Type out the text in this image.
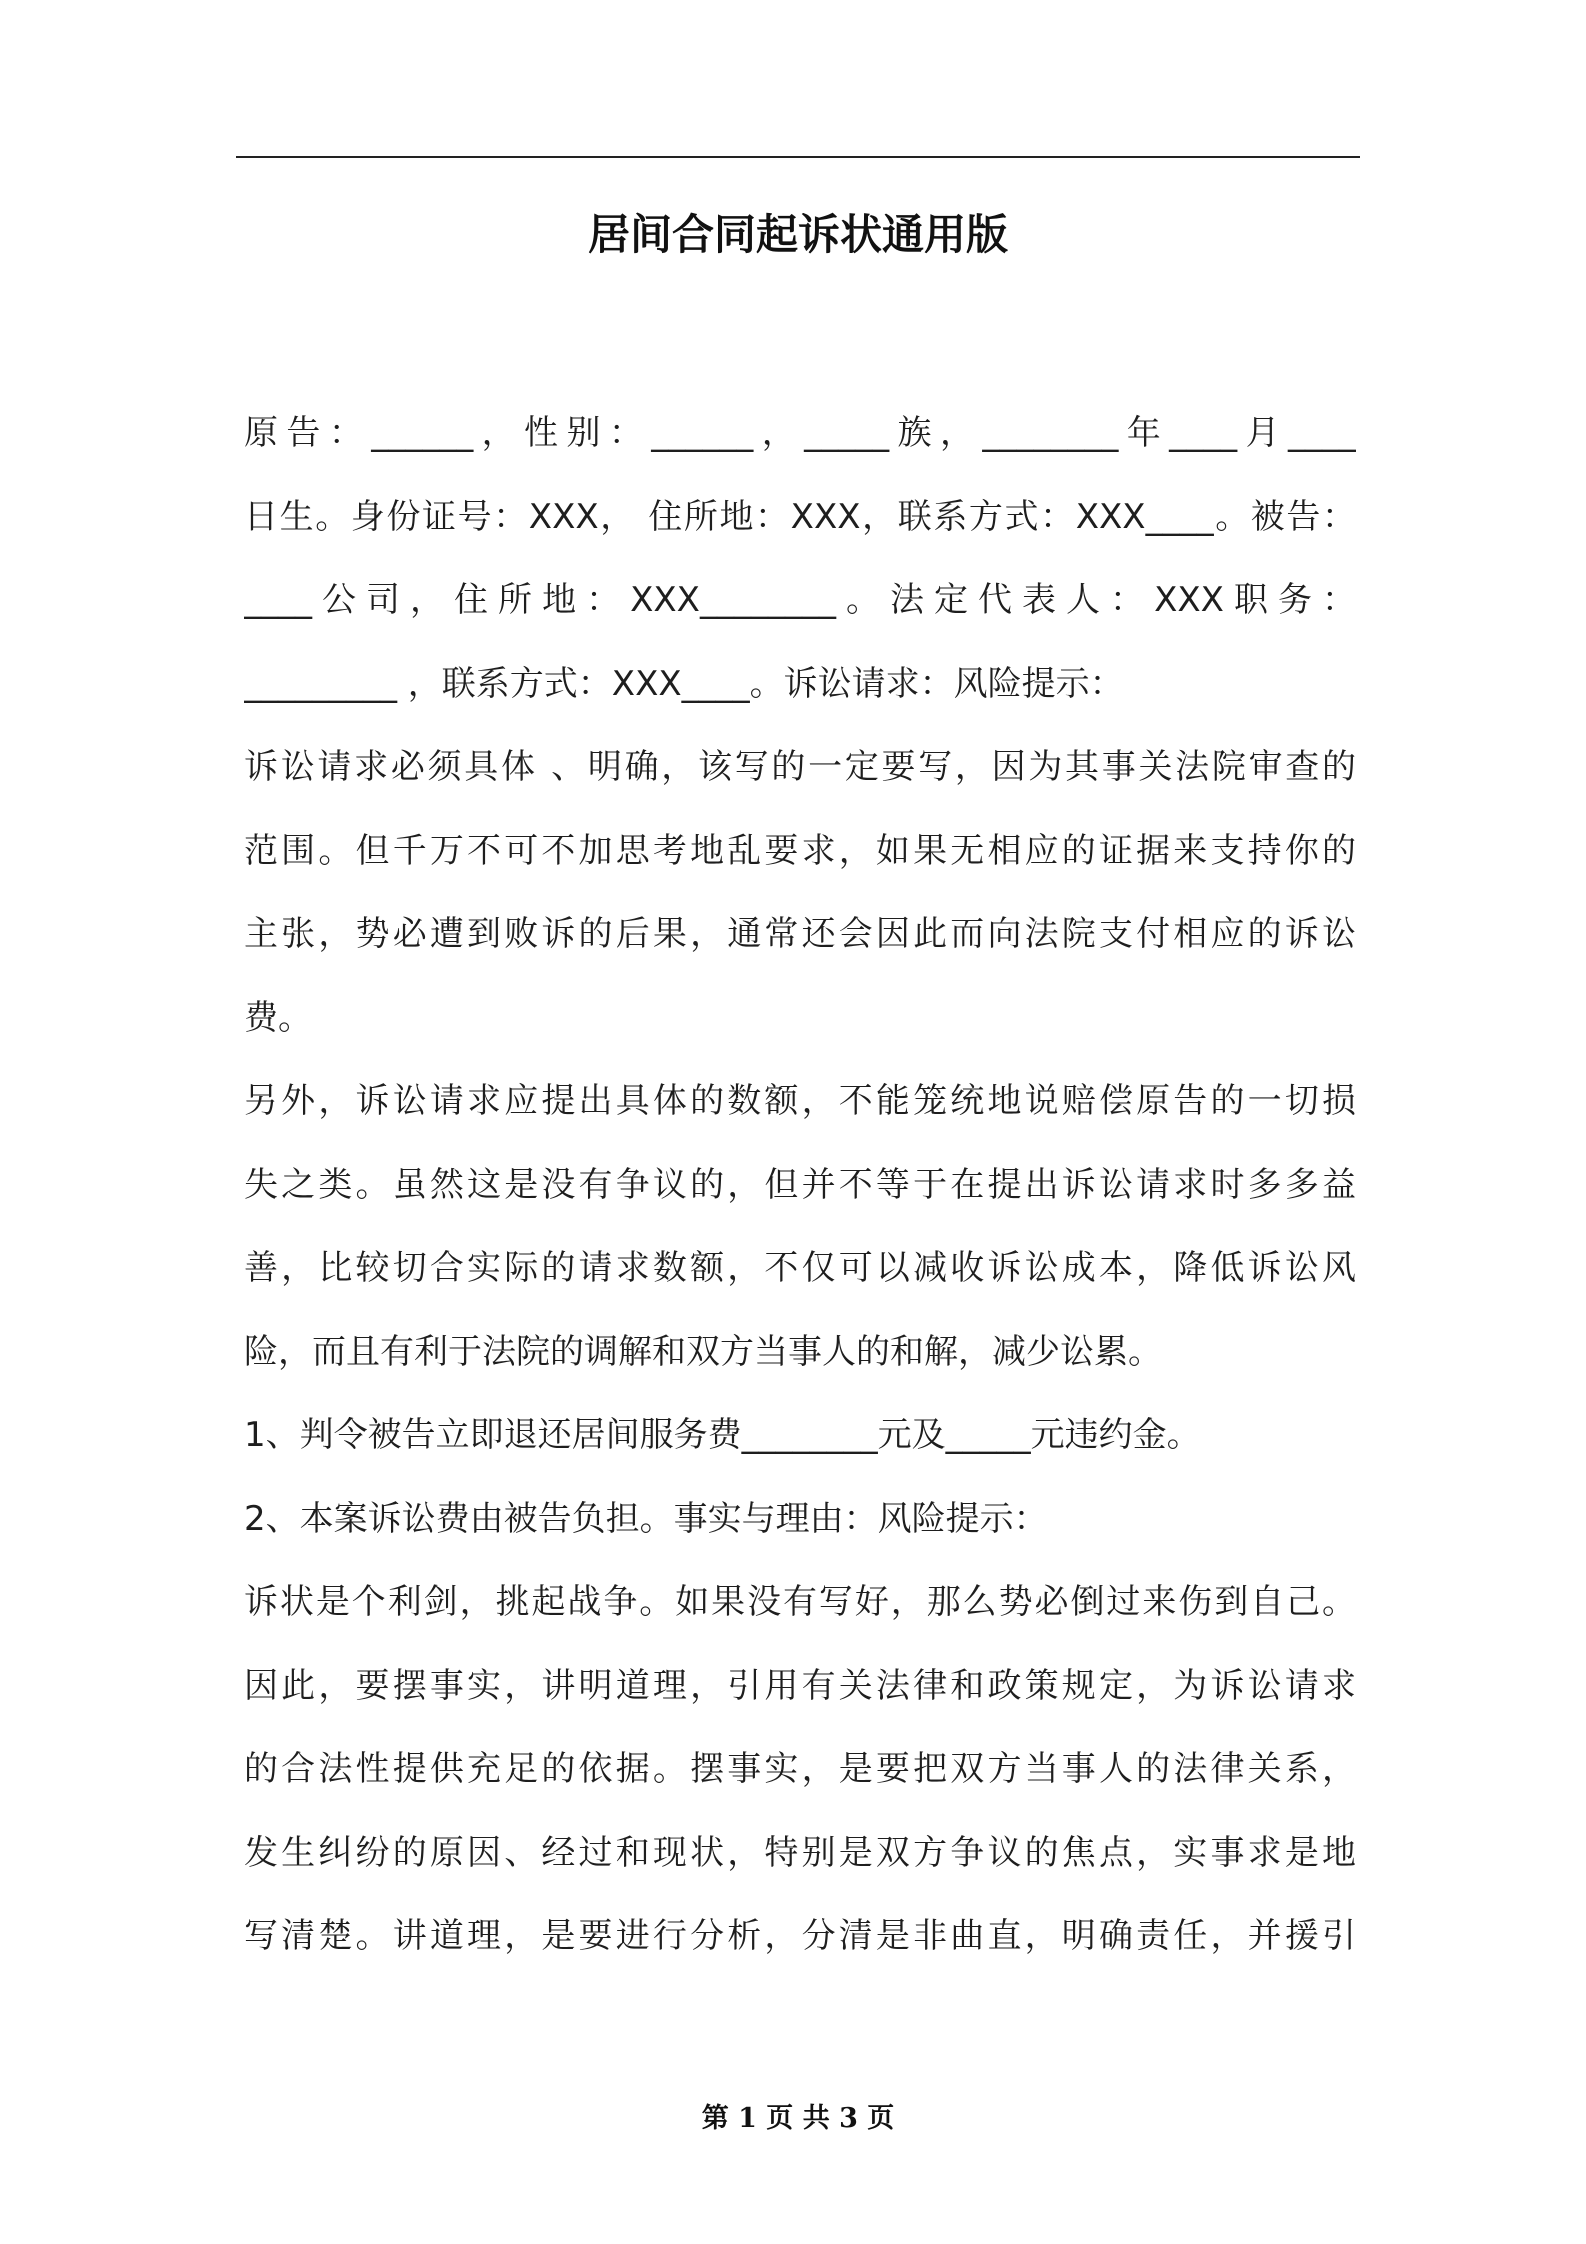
居间合同起诉状通用版
原告：______，性别：______，_____族，________年____月____
日生。身份证号：XXX， 住所地：XXX，联系方式：XXX____。被告：
____公司，住所地：XXX________。法定代表人：XXX职务：
_________ ，联系方式：XXX____。诉讼请求：风险提示：
诉讼请求必须具体 、明确，该写的一定要写，因为其事关法院审查的
范围。但千万不可不加思考地乱要求，如果无相应的证据来支持你的
主张，势必遭到败诉的后果，通常还会因此而向法院支付相应的诉讼
费。
另外，诉讼请求应提出具体的数额，不能笼统地说赔偿原告的一切损
失之类。虽然这是没有争议的，但并不等于在提出诉讼请求时多多益
善，比较切合实际的请求数额，不仅可以减收诉讼成本，降低诉讼风
险，而且有利于法院的调解和双方当事人的和解，减少讼累。
1、判令被告立即退还居间服务费________元及_____元违约金。
2、本案诉讼费由被告负担。事实与理由：风险提示：
诉状是个利剑，挑起战争。如果没有写好，那么势必倒过来伤到自己。
因此，要摆事实，讲明道理，引用有关法律和政策规定，为诉讼请求
的合法性提供充足的依据。摆事实，是要把双方当事人的法律关系，
发生纠纷的原因、经过和现状，特别是双方争议的焦点，实事求是地
写清楚。讲道理，是要进行分析，分清是非曲直，明确责任，并援引
第 1 页 共 3 页
